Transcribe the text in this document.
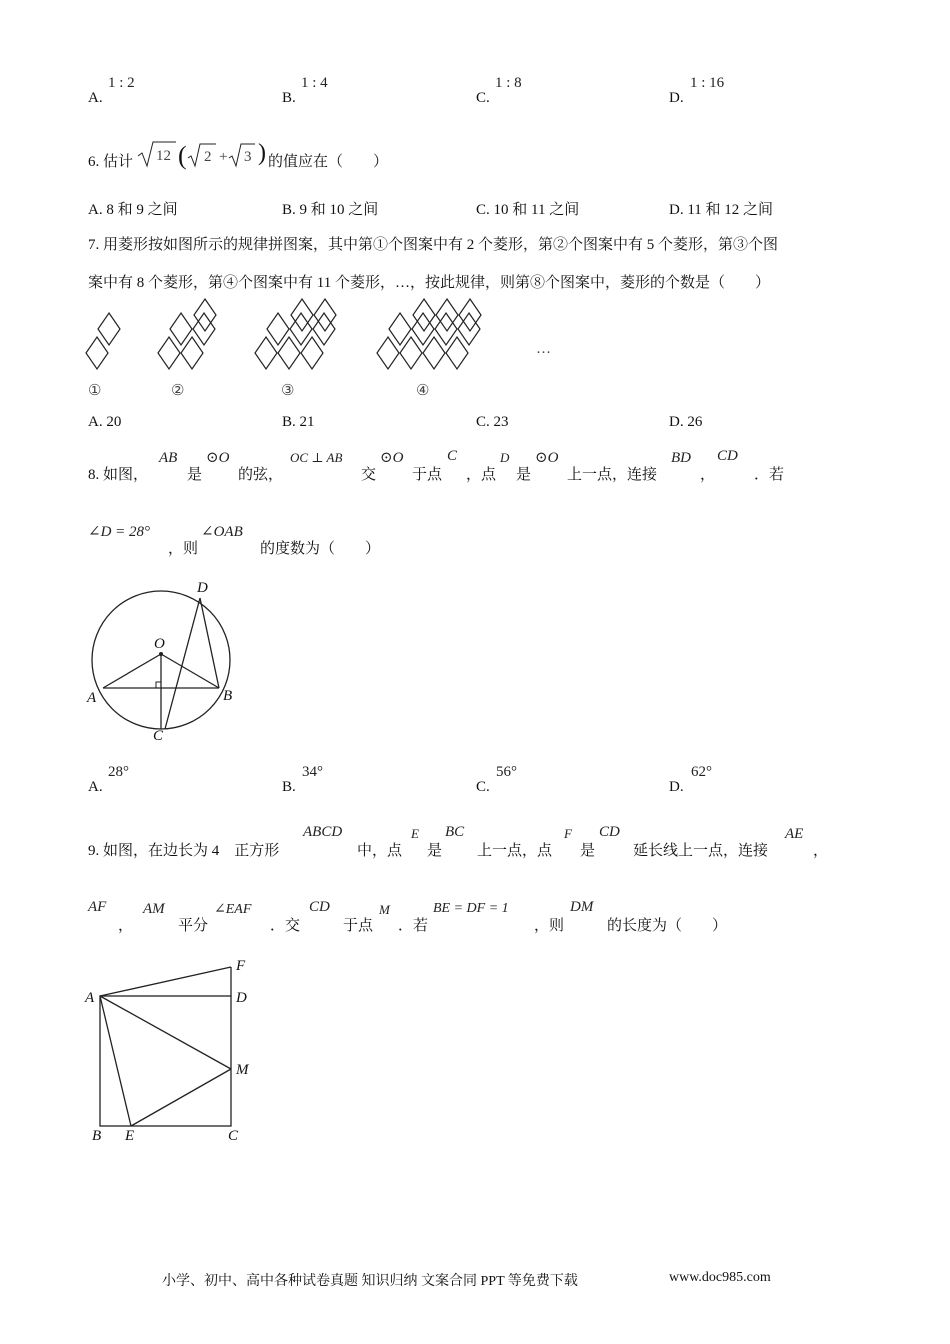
A.
1 : 2
B.
1 : 4
C.
1 : 8
D.
1 : 16
6. 估计 12 ( 2 + 3 ) 的值应在（　　）
A. 8 和 9 之间	B. 9 和 10 之间	C. 10 和 11 之间	D. 11 和 12 之间
7. 用菱形按如图所示的规律拼图案，其中第①个图案中有 2 个菱形，第②个图案中有 5 个菱形，第③个图
案中有 8 个菱形，第④个图案中有 11 个菱形，…，按此规律，则第⑧个图案中，菱形的个数是（　　）
①	②	③	④
…
A. 20	B. 21	C. 23	D. 26
8. 如图，
AB
是
⊙O
的弦，
OC ⊥ AB
交
⊙O
于点
C
，点
D
是
⊙O
上一点，连接
BD
，
CD
．若
∠D = 28°
，则
∠OAB
的度数为（　　）
D
O
A	B
C
A.
28°
B.
34°
C.
56°
D.
62°
9. 如图，在边长为 4　正方形
ABCD
中，点
E
是
BC
上一点，点
F
是
CD
延长线上一点，连接
AE
，
AF
，
AM
平分
∠EAF
．交
CD
于点
M
．若
BE = DF = 1
，则
DM
的长度为（　　）
F
A	D
M
B E	C
小学、初中、高中各种试卷真题 知识归纳 文案合同 PPT 等免费下载	www.doc985.com
